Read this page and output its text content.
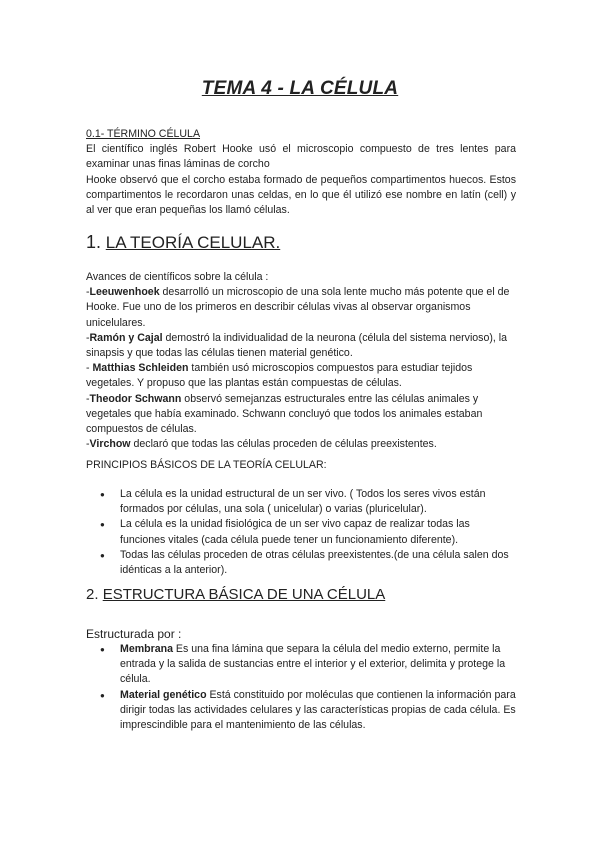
TEMA 4 - LA CÉLULA

0.1- TÉRMINO CÉLULA

El científico inglés Robert Hooke usó el microscopio compuesto de tres lentes para examinar unas finas láminas de corcho

Hooke observó que el corcho estaba formado de pequeños compartimentos huecos. Estos compartimentos le recordaron unas celdas, en lo que él utilizó ese nombre en latín (cell) y al ver que eran pequeñas los llamó células.

1. LA TEORÍA CELULAR.

Avances de científicos sobre la célula :

-Leeuwenhoek desarrolló un microscopio de una sola lente mucho más potente que el de Hooke. Fue uno de los primeros en describir células vivas al observar organismos unicelulares.

-Ramón y Cajal demostró la individualidad de la neurona (célula del sistema nervioso), la sinapsis y que todas las células tienen material genético.

- Matthias Schleiden también usó microscopios compuestos para estudiar tejidos vegetales. Y propuso que las plantas están compuestas de células.

-Theodor Schwann observó semejanzas estructurales entre las células animales y vegetales que había examinado. Schwann concluyó que todos los animales estaban compuestos de células.

-Virchow declaró que todas las células proceden de células preexistentes.

PRINCIPIOS BÁSICOS DE LA TEORÍA CELULAR:
● La célula es la unidad estructural de un ser vivo. ( Todos los seres vivos están formados por células, una sola ( unicelular) o varias (pluricelular).
● La célula es la unidad fisiológica de un ser vivo capaz de realizar todas las funciones vitales (cada célula puede tener un funcionamiento diferente).
● Todas las células proceden de otras células preexistentes.(de una célula salen dos idénticas a la anterior).
2. ESTRUCTURA BÁSICA DE UNA CÉLULA
Estructurada por :
● Membrana Es una fina lámina que separa la célula del medio externo, permite la entrada y la salida de sustancias entre el interior y el exterior, delimita y protege la célula.
● Material genético Está constituido por moléculas que contienen la información para dirigir todas las actividades celulares y las características propias de cada célula. Es imprescindible para el mantenimiento de las células.
